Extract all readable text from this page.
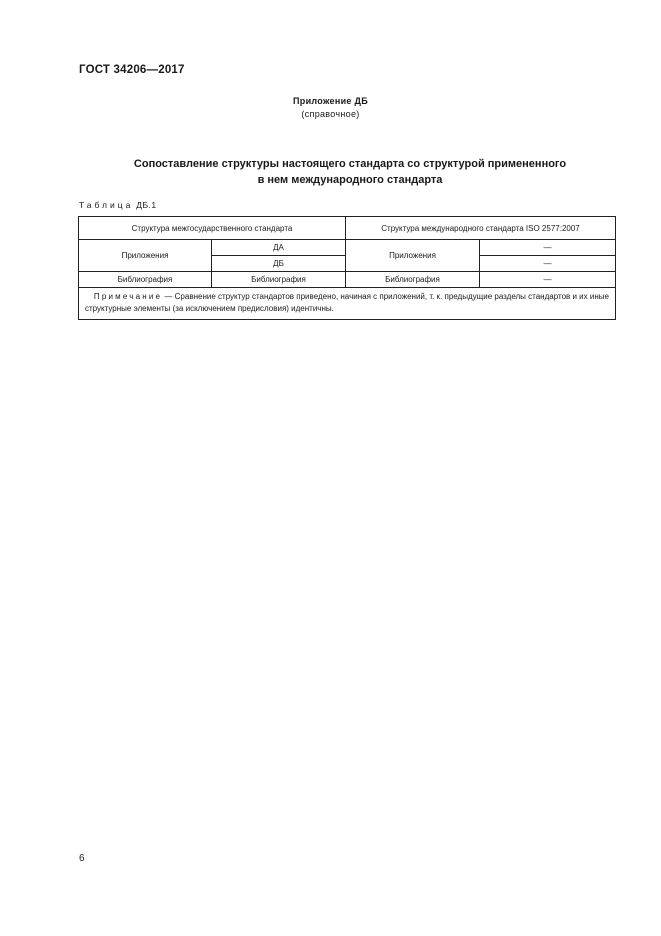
ГОСТ 34206—2017
Приложение ДБ
(справочное)
Сопоставление структуры настоящего стандарта со структурой примененного
в нем международного стандарта
Таблица ДБ.1
Структура межгосударственного стандарта		Структура международного стандарта ISO 2577:2007	
Приложения	ДА	Приложения	—
	ДБ		—
Библиография	Библиография	Библиография	—
Примечание — Сравнение структур стандартов приведено, начиная с приложений, т. к. предыдущие разделы стандартов и их иные структурные элементы (за исключением предисловия) идентичны.			
6
